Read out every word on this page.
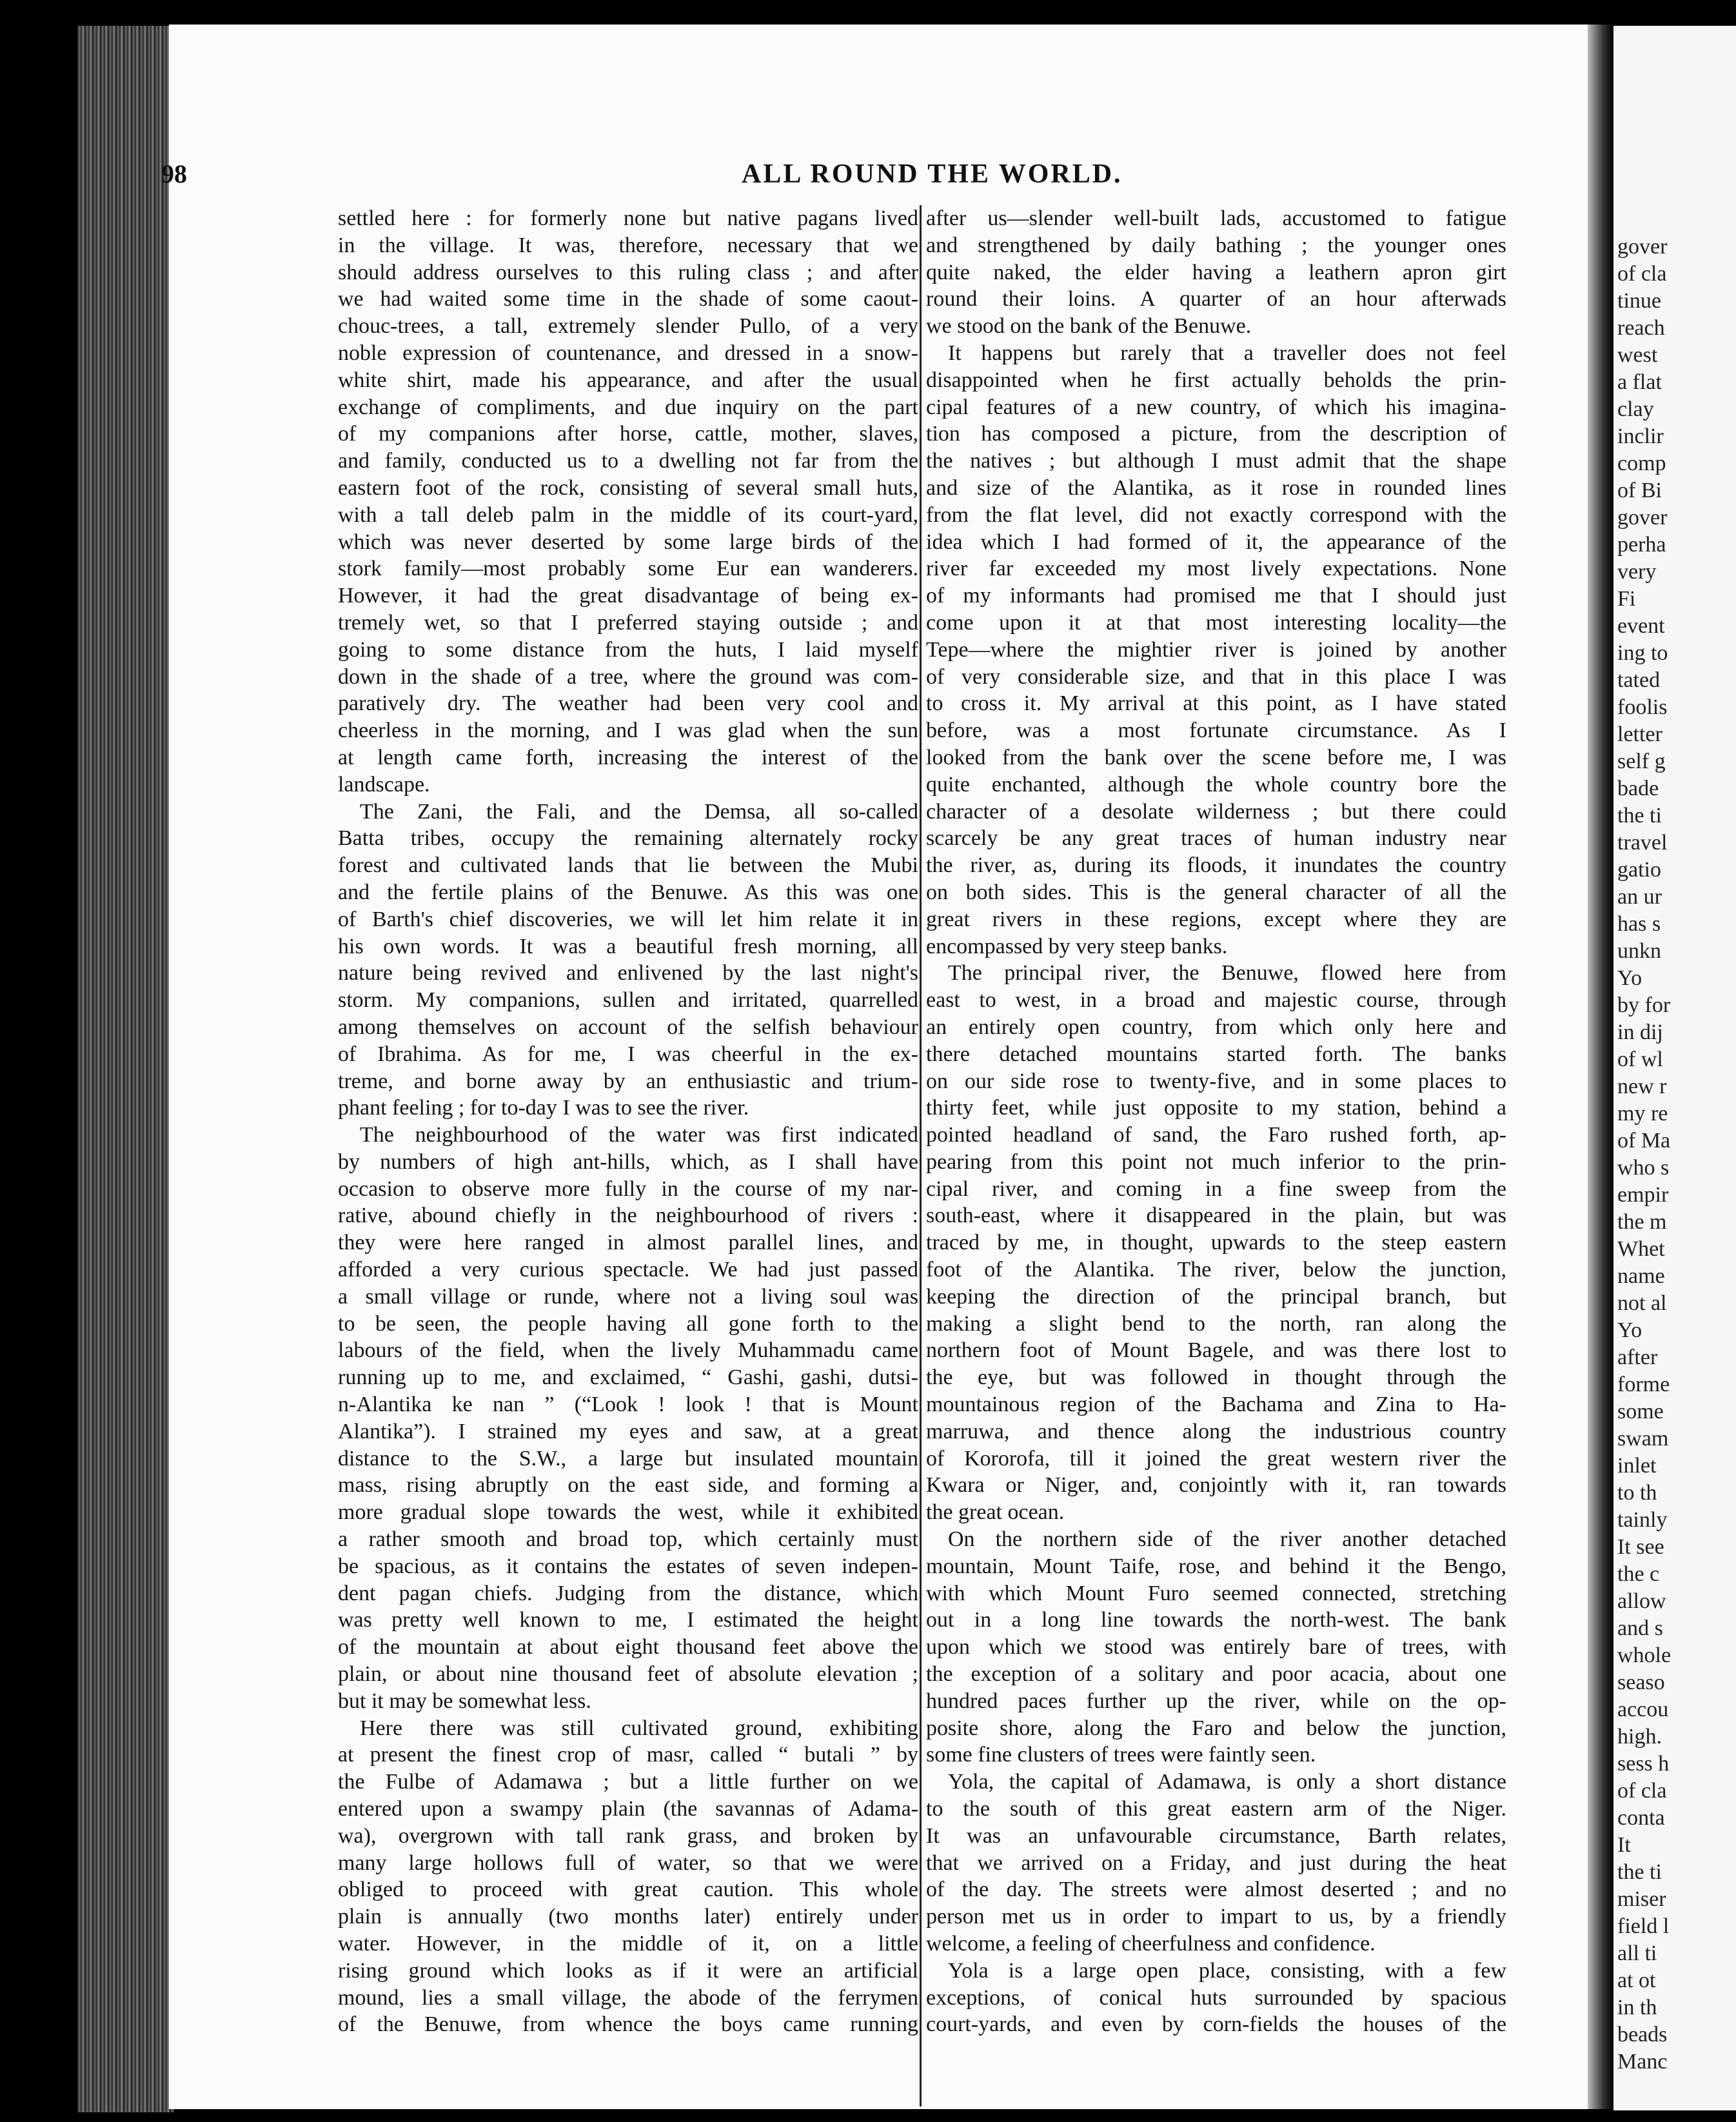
gover
of cla
tinue
reach
west
a flat
clay
inclir
comp
of Bi
gover
perha
very
Fi
event
ing to
tated
foolis
letter
self g
bade
the ti
travel
gatio
an ur
has s
unkn
Yo
by for
in dij
of wl
new r
my re
of Ma
who s
empir
the m
Whet
name
not al
Yo
after
forme
some
swam
inlet
to th
tainly
It see
the c
allow
and s
whole
seaso
accou
high.
sess h
of cla
conta
It
the ti
miser
field l
all ti
at ot
in th
beads
Manc
98	ALL ROUND THE WORLD.
settled here : for formerly none but native pagans lived
in the village. It was, therefore, necessary that we
should address ourselves to this ruling class ; and after
we had waited some time in the shade of some caout-
chouc-trees, a tall, extremely slender Pullo, of a very
noble expression of countenance, and dressed in a snow-
white shirt, made his appearance, and after the usual
exchange of compliments, and due inquiry on the part
of my companions after horse, cattle, mother, slaves,
and family, conducted us to a dwelling not far from the
eastern foot of the rock, consisting of several small huts,
with a tall deleb palm in the middle of its court-yard,
which was never deserted by some large birds of the
stork family—most probably some Eur ean wanderers.
However, it had the great disadvantage of being ex-
tremely wet, so that I preferred staying outside ; and
going to some distance from the huts, I laid myself
down in the shade of a tree, where the ground was com-
paratively dry. The weather had been very cool and
cheerless in the morning, and I was glad when the sun
at length came forth, increasing the interest of the
landscape.
The Zani, the Fali, and the Demsa, all so-called
Batta tribes, occupy the remaining alternately rocky
forest and cultivated lands that lie between the Mubi
and the fertile plains of the Benuwe. As this was one
of Barth's chief discoveries, we will let him relate it in
his own words. It was a beautiful fresh morning, all
nature being revived and enlivened by the last night's
storm. My companions, sullen and irritated, quarrelled
among themselves on account of the selfish behaviour
of Ibrahima. As for me, I was cheerful in the ex-
treme, and borne away by an enthusiastic and trium-
phant feeling ; for to-day I was to see the river.
The neighbourhood of the water was first indicated
by numbers of high ant-hills, which, as I shall have
occasion to observe more fully in the course of my nar-
rative, abound chiefly in the neighbourhood of rivers :
they were here ranged in almost parallel lines, and
afforded a very curious spectacle. We had just passed
a small village or runde, where not a living soul was
to be seen, the people having all gone forth to the
labours of the field, when the lively Muhammadu came
running up to me, and exclaimed, “ Gashi, gashi, dutsi-
n-Alantika ke nan ” (“Look ! look ! that is Mount
Alantika”). I strained my eyes and saw, at a great
distance to the S.W., a large but insulated mountain
mass, rising abruptly on the east side, and forming a
more gradual slope towards the west, while it exhibited
a rather smooth and broad top, which certainly must
be spacious, as it contains the estates of seven indepen-
dent pagan chiefs. Judging from the distance, which
was pretty well known to me, I estimated the height
of the mountain at about eight thousand feet above the
plain, or about nine thousand feet of absolute elevation ;
but it may be somewhat less.
Here there was still cultivated ground, exhibiting
at present the finest crop of masr, called “ butali ” by
the Fulbe of Adamawa ; but a little further on we
entered upon a swampy plain (the savannas of Adama-
wa), overgrown with tall rank grass, and broken by
many large hollows full of water, so that we were
obliged to proceed with great caution. This whole
plain is annually (two months later) entirely under
water. However, in the middle of it, on a little
rising ground which looks as if it were an artificial
mound, lies a small village, the abode of the ferrymen
of the Benuwe, from whence the boys came running
after us—slender well-built lads, accustomed to fatigue
and strengthened by daily bathing ; the younger ones
quite naked, the elder having a leathern apron girt
round their loins. A quarter of an hour afterwads
we stood on the bank of the Benuwe.
It happens but rarely that a traveller does not feel
disappointed when he first actually beholds the prin-
cipal features of a new country, of which his imagina-
tion has composed a picture, from the description of
the natives ; but although I must admit that the shape
and size of the Alantika, as it rose in rounded lines
from the flat level, did not exactly correspond with the
idea which I had formed of it, the appearance of the
river far exceeded my most lively expectations. None
of my informants had promised me that I should just
come upon it at that most interesting locality—the
Tepe—where the mightier river is joined by another
of very considerable size, and that in this place I was
to cross it. My arrival at this point, as I have stated
before, was a most fortunate circumstance. As I
looked from the bank over the scene before me, I was
quite enchanted, although the whole country bore the
character of a desolate wilderness ; but there could
scarcely be any great traces of human industry near
the river, as, during its floods, it inundates the country
on both sides. This is the general character of all the
great rivers in these regions, except where they are
encompassed by very steep banks.
The principal river, the Benuwe, flowed here from
east to west, in a broad and majestic course, through
an entirely open country, from which only here and
there detached mountains started forth. The banks
on our side rose to twenty-five, and in some places to
thirty feet, while just opposite to my station, behind a
pointed headland of sand, the Faro rushed forth, ap-
pearing from this point not much inferior to the prin-
cipal river, and coming in a fine sweep from the
south-east, where it disappeared in the plain, but was
traced by me, in thought, upwards to the steep eastern
foot of the Alantika. The river, below the junction,
keeping the direction of the principal branch, but
making a slight bend to the north, ran along the
northern foot of Mount Bagele, and was there lost to
the eye, but was followed in thought through the
mountainous region of the Bachama and Zina to Ha-
marruwa, and thence along the industrious country
of Kororofa, till it joined the great western river the
Kwara or Niger, and, conjointly with it, ran towards
the great ocean.
On the northern side of the river another detached
mountain, Mount Taife, rose, and behind it the Bengo,
with which Mount Furo seemed connected, stretching
out in a long line towards the north-west. The bank
upon which we stood was entirely bare of trees, with
the exception of a solitary and poor acacia, about one
hundred paces further up the river, while on the op-
posite shore, along the Faro and below the junction,
some fine clusters of trees were faintly seen.
Yola, the capital of Adamawa, is only a short distance
to the south of this great eastern arm of the Niger.
It was an unfavourable circumstance, Barth relates,
that we arrived on a Friday, and just during the heat
of the day. The streets were almost deserted ; and no
person met us in order to impart to us, by a friendly
welcome, a feeling of cheerfulness and confidence.
Yola is a large open place, consisting, with a few
exceptions, of conical huts surrounded by spacious
court-yards, and even by corn-fields the houses of the
